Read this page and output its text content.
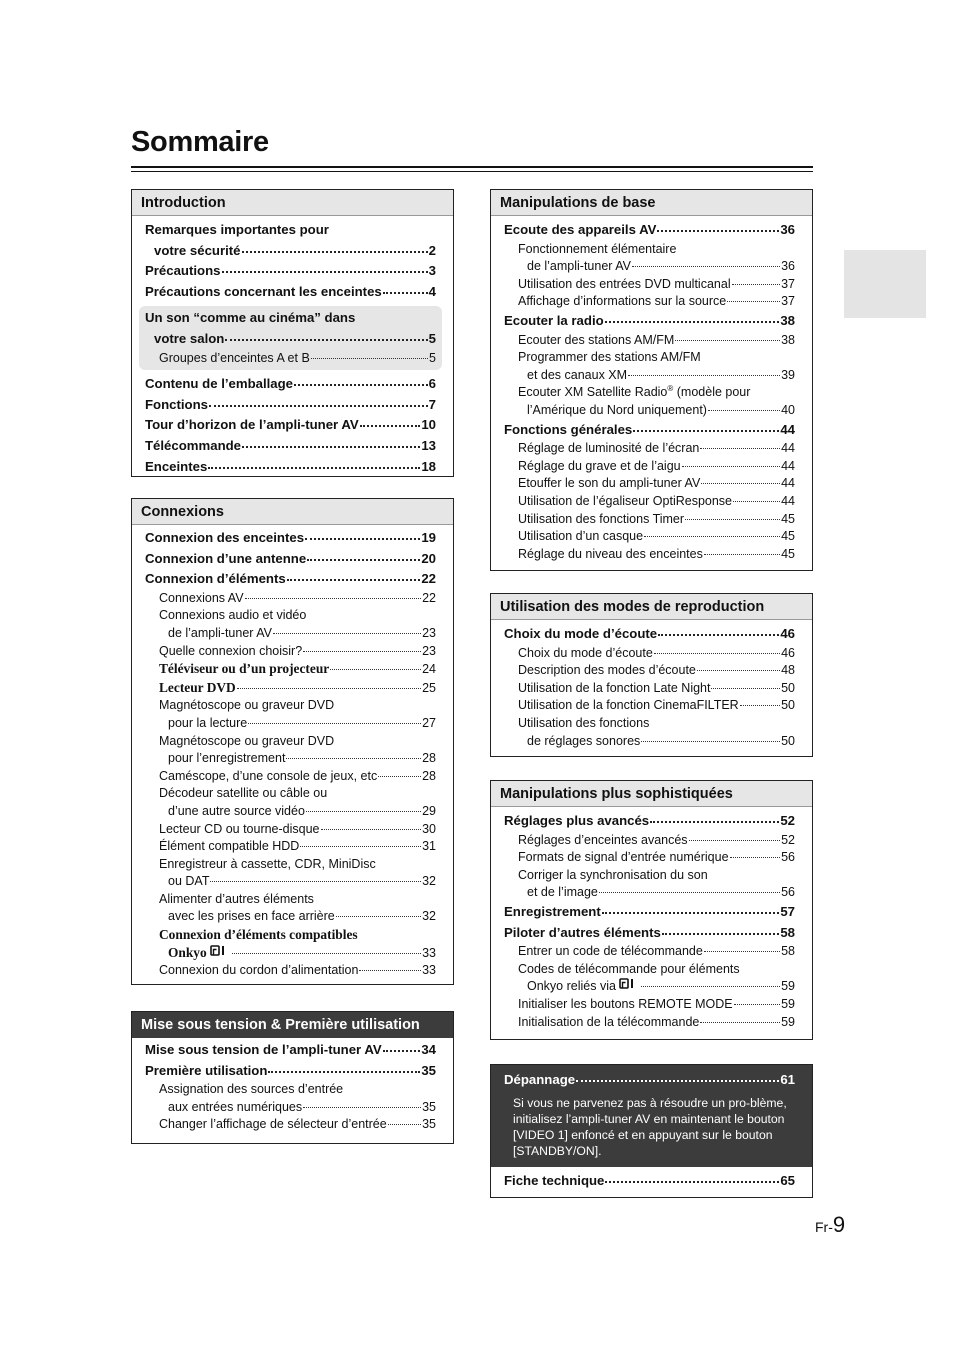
Sommaire
Introduction
Remarques importantes pour
votre sécurité	2
Précautions	3
Précautions concernant les enceintes	4
Un son “comme au cinéma” dans
votre salon	5
Groupes d’enceintes A et B	5
Contenu de l’emballage	6
Fonctions	7
Tour d’horizon de l’ampli-tuner AV	10
Télécommande	13
Enceintes	18
Connexions
Connexion des enceintes	19
Connexion d’une antenne	20
Connexion d’éléments	22
Connexions AV	22
Connexions audio et vidéo
de l’ampli-tuner AV	23
Quelle connexion choisir?	23
Téléviseur ou d’un projecteur	24
Lecteur DVD	25
Magnétoscope ou graveur DVD
pour la lecture	27
Magnétoscope ou graveur DVD
pour l’enregistrement	28
Caméscope, d’une console de jeux, etc	28
Décodeur satellite ou câble ou
d’une autre source vidéo	29
Lecteur CD ou tourne-disque	30
Élément compatible HDD	31
Enregistreur à cassette, CDR, MiniDisc
ou DAT	32
Alimenter d’autres éléments
avec les prises en face arrière	32
Connexion d’éléments compatibles
Onkyo	33
Connexion du cordon d’alimentation	33
Mise sous tension & Première utilisation
Mise sous tension de l’ampli-tuner AV	34
Première utilisation	35
Assignation des sources d’entrée
aux entrées numériques	35
Changer l’affichage de sélecteur d’entrée	35
Manipulations de base
Ecoute des appareils AV	36
Fonctionnement élémentaire
de l’ampli-tuner AV	36
Utilisation des entrées DVD multicanal	37
Affichage d’informations sur la source	37
Ecouter la radio	38
Ecouter des stations AM/FM	38
Programmer des stations AM/FM
et des canaux XM	39
Ecouter XM Satellite Radio® (modèle pour
l’Amérique du Nord uniquement)	40
Fonctions générales	44
Réglage de luminosité de l’écran	44
Réglage du grave et de l’aigu	44
Etouffer le son du ampli-tuner AV	44
Utilisation de l’égaliseur OptiResponse	44
Utilisation des fonctions Timer	45
Utilisation d’un casque	45
Réglage du niveau des enceintes	45
Utilisation des modes de reproduction
Choix du mode d’écoute	46
Choix du mode d’écoute	46
Description des modes d’écoute	48
Utilisation de la fonction Late Night	50
Utilisation de la fonction CinemaFILTER	50
Utilisation des fonctions
de réglages sonores	50
Manipulations plus sophistiquées
Réglages plus avancés	52
Réglages d’enceintes avancés	52
Formats de signal d’entrée numérique	56
Corriger la synchronisation du son
et de l’image	56
Enregistrement	57
Piloter d’autres éléments	58
Entrer un code de télécommande	58
Codes de télécommande pour éléments
Onkyo reliés via	59
Initialiser les boutons REMOTE MODE	59
Initialisation de la télécommande	59
Dépannage	61
Si vous ne parvenez pas à résoudre un pro-blème, initialisez l’ampli-tuner AV en maintenant le bouton [VIDEO 1] enfoncé et en appuyant sur le bouton [STANDBY/ON].
Fiche technique	65
Fr-9
